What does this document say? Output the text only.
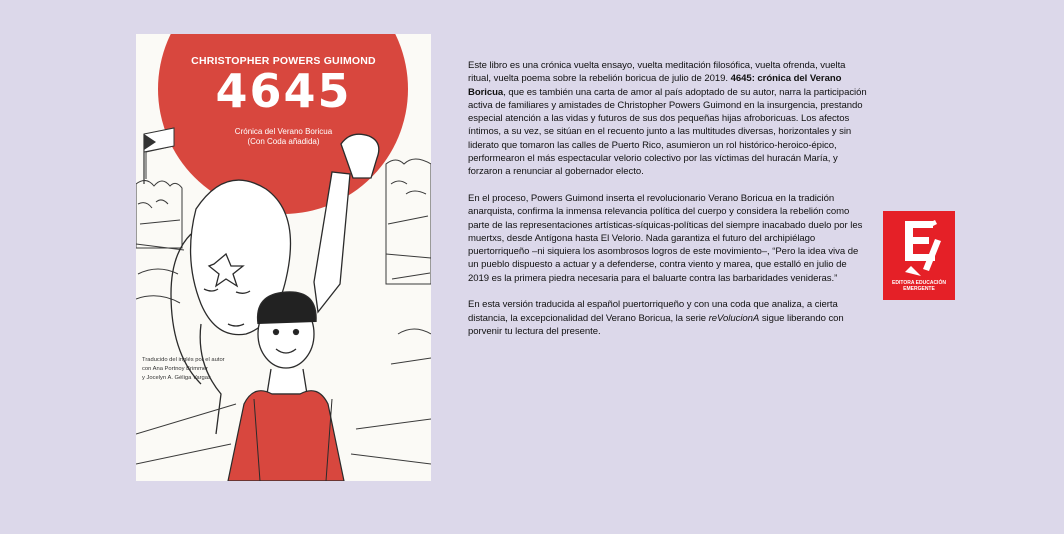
CHRISTOPHER POWERS GUIMOND
4645
Crónica del Verano Boricua
(Con Coda añadida)
Traducido del inglés por el autor
con Ana Portnoy Brimmer
y Jocelyn A. Géliga Vargas

Este libro es una crónica vuelta ensayo, vuelta meditación filosófica, vuelta ofrenda, vuelta ritual, vuelta poema sobre la rebelión boricua de julio de 2019. 4645: crónica del Verano Boricua, que es también una carta de amor al país adoptado de su autor, narra la participación activa de familiares y amistades de Christopher Powers Guimond en la insurgencia, prestando especial atención a las vidas y futuros de sus dos pequeñas hijas afroboricuas. Los afectos íntimos, a su vez, se sitúan en el recuento junto a las multitudes diversas, horizontales y sin liderato que tomaron las calles de Puerto Rico, asumieron un rol histórico-heroico-épico, performearon el más espectacular velorio colectivo por las víctimas del huracán María, y forzaron a renunciar al gobernador electo.

En el proceso, Powers Guimond inserta el revolucionario Verano Boricua en la tradición anarquista, confirma la inmensa relevancia política del cuerpo y considera la rebelión como parte de las representaciones artísticas-síquicas-políticas del siempre inacabado duelo por les muertxs, desde Antígona hasta El Velorio. Nada garantiza el futuro del archipiélago puertorriqueño –ni siquiera los asombrosos logros de este movimiento–, “Pero la idea viva de un pueblo dispuesto a actuar y a defenderse, contra viento y marea, que estalló en julio de 2019 es la primera piedra necesaria para el baluarte contra las barbaridades venideras.”

En esta versión traducida al español puertorriqueño y con una coda que analiza, a cierta distancia, la excepcionalidad del Verano Boricua, la serie reVolucionA sigue liberando con porvenir tu lectura del presente.

EDITORA EDUCACIÓN
EMERGENTE
